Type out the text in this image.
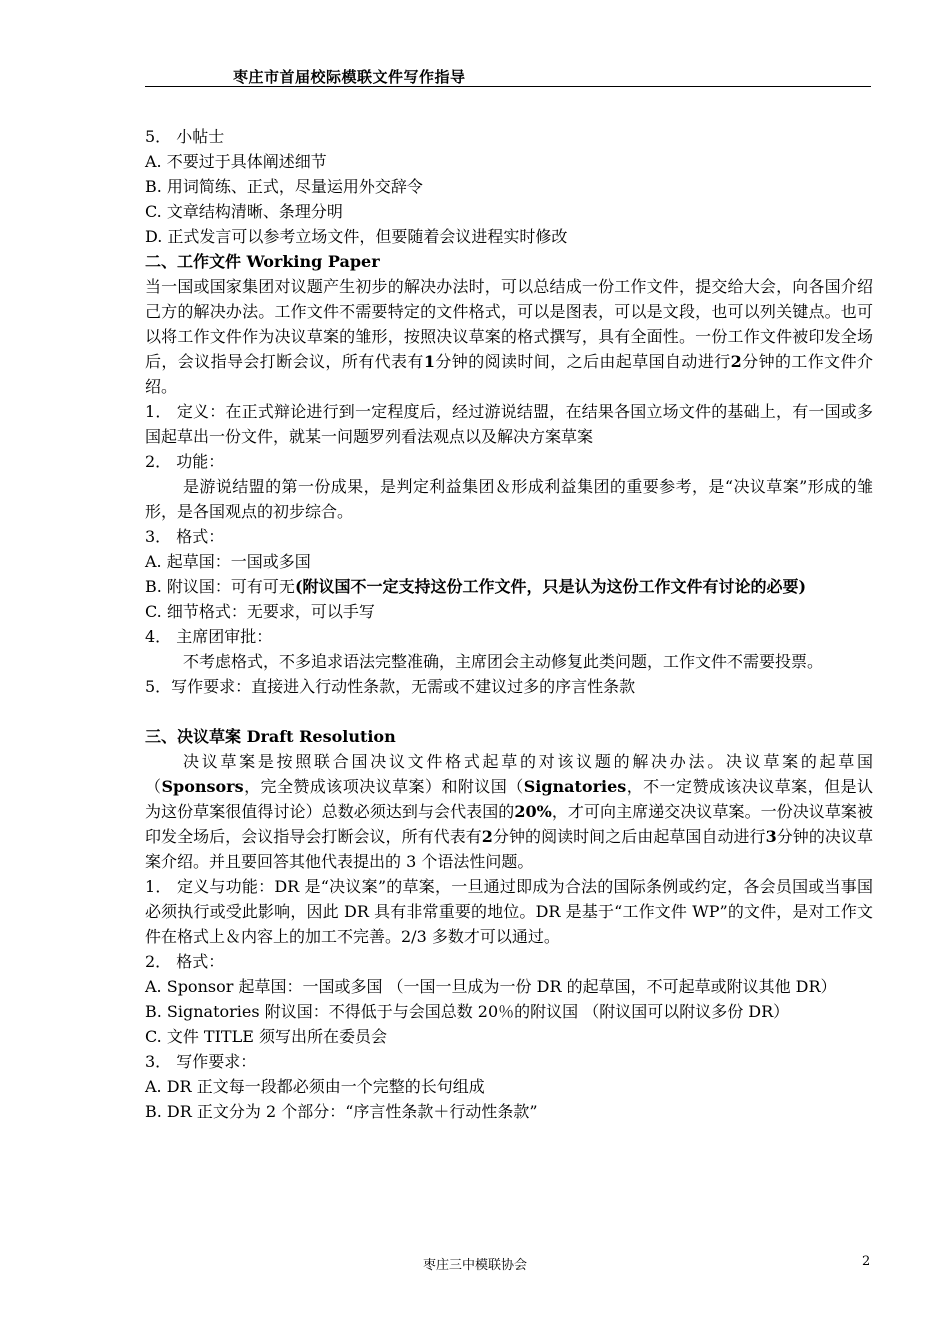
枣庄市首届校际模联文件写作指导

5． 小帖士

A. 不要过于具体阐述细节

B. 用词简练、正式，尽量运用外交辞令

C. 文章结构清晰、条理分明

D. 正式发言可以参考立场文件，但要随着会议进程实时修改

二、工作文件 Working Paper

当一国或国家集团对议题产生初步的解决办法时，可以总结成一份工作文件，提交给大会，向各国介绍己方的解决办法。工作文件不需要特定的文件格式，可以是图表，可以是文段，也可以列关键点。也可以将工作文件作为决议草案的雏形，按照决议草案的格式撰写，具有全面性。一份工作文件被印发全场后，会议指导会打断会议，所有代表有1分钟的阅读时间，之后由起草国自动进行2分钟的工作文件介绍。

1． 定义：在正式辩论进行到一定程度后，经过游说结盟，在结果各国立场文件的基础上，有一国或多国起草出一份文件，就某一问题罗列看法观点以及解决方案草案

2． 功能：

是游说结盟的第一份成果，是判定利益集团＆形成利益集团的重要参考，是“决议草案”形成的雏形，是各国观点的初步综合。

3． 格式：

A. 起草国：一国或多国

B. 附议国：可有可无(附议国不一定支持这份工作文件，只是认为这份工作文件有讨论的必要)

C. 细节格式：无要求，可以手写

4． 主席团审批：

不考虑格式，不多追求语法完整准确，主席团会主动修复此类问题，工作文件不需要投票。

5．写作要求：直接进入行动性条款，无需或不建议过多的序言性条款

三、决议草案 Draft Resolution

决议草案是按照联合国决议文件格式起草的对该议题的解决办法。决议草案的起草国（Sponsors，完全赞成该项决议草案）和附议国（Signatories，不一定赞成该决议草案，但是认为这份草案很值得讨论）总数必须达到与会代表国的20%，才可向主席递交决议草案。一份决议草案被印发全场后，会议指导会打断会议，所有代表有2分钟的阅读时间之后由起草国自动进行3分钟的决议草案介绍。并且要回答其他代表提出的 3 个语法性问题。

1． 定义与功能：DR 是“决议案”的草案，一旦通过即成为合法的国际条例或约定，各会员国或当事国必须执行或受此影响，因此 DR 具有非常重要的地位。DR 是基于“工作文件 WP”的文件，是对工作文件在格式上＆内容上的加工不完善。2/3 多数才可以通过。

2． 格式：

A. Sponsor 起草国：一国或多国 （一国一旦成为一份 DR 的起草国，不可起草或附议其他 DR）

B. Signatories 附议国：不得低于与会国总数 20％的附议国 （附议国可以附议多份 DR）

C. 文件 TITLE 须写出所在委员会

3． 写作要求：

A. DR 正文每一段都必须由一个完整的长句组成

B. DR 正文分为 2 个部分：“序言性条款＋行动性条款”

枣庄三中模联协会	2
